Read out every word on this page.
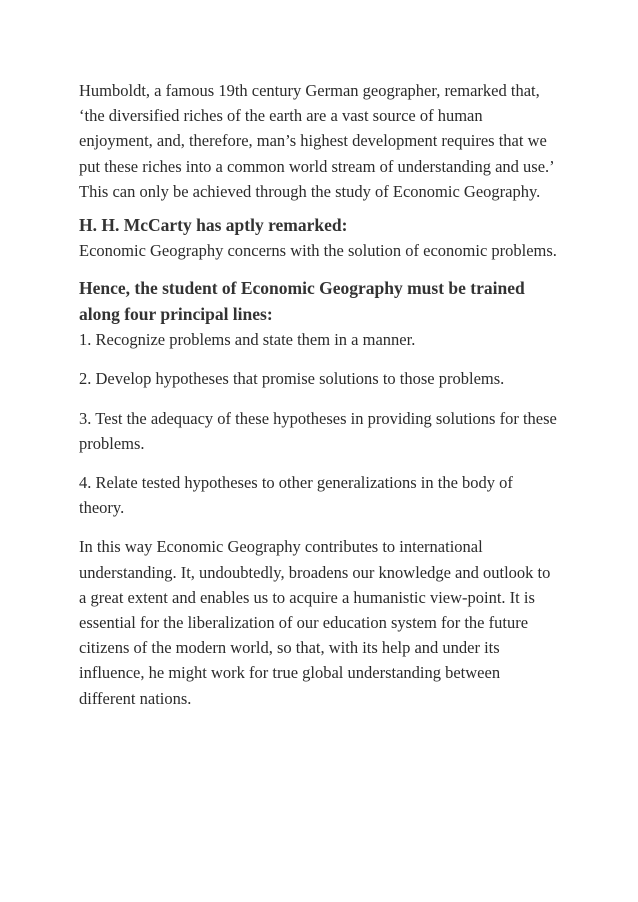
Humboldt, a famous 19th century German geographer, remarked that, ‘the diversified riches of the earth are a vast source of human enjoyment, and, therefore, man’s highest development requires that we put these riches into a common world stream of understanding and use.’ This can only be achieved through the study of Economic Geography.

H. H. McCarty has aptly remarked:

Economic Geography concerns with the solution of economic problems.

Hence, the student of Economic Geography must be trained along four principal lines:

1. Recognize problems and state them in a manner.

2. Develop hypotheses that promise solutions to those problems.

3. Test the adequacy of these hypotheses in providing solutions for these problems.

4. Relate tested hypotheses to other generalizations in the body of theory.

In this way Economic Geography contributes to international understanding. It, undoubtedly, broadens our knowledge and outlook to a great extent and enables us to acquire a humanistic view-point. It is essential for the liberalization of our education system for the future citizens of the modern world, so that, with its help and under its influence, he might work for true global understanding between different nations.
